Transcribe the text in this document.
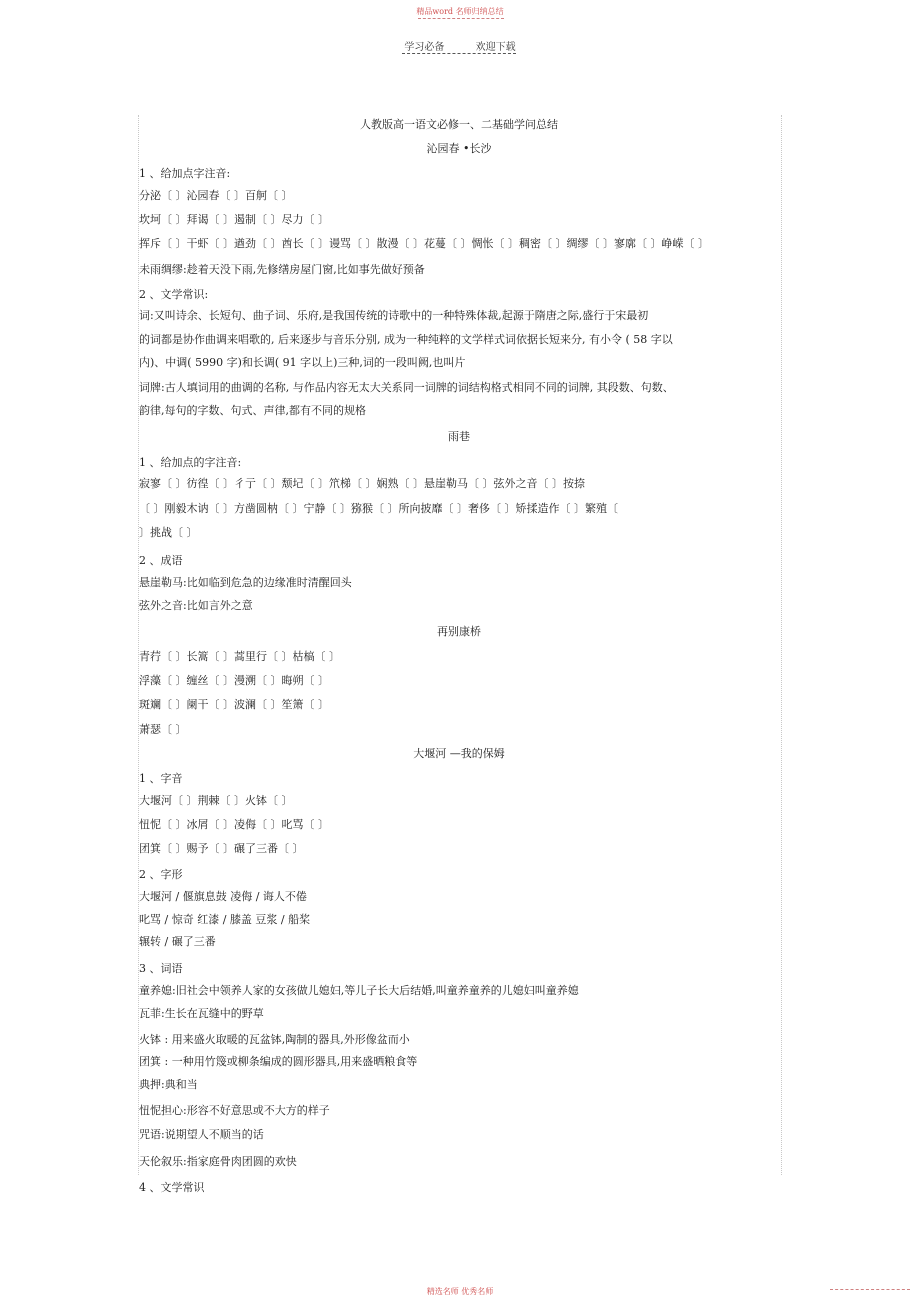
精品word 名师归纳总结
学习必备	欢迎下载
人教版高一语文必修一、二基础学问总结
沁园春 •长沙
1 、给加点字注音:
分泌〔 〕沁园春〔 〕百舸〔 〕
坎坷〔 〕拜谒〔 〕遏制〔 〕尽力〔 〕
挥斥〔 〕干虾〔 〕遒劲〔 〕酋长〔 〕谩骂〔 〕散漫〔 〕花蔓〔 〕惆怅〔 〕稠密〔 〕绸缪〔 〕寥廓〔 〕峥嵘〔 〕
未雨绸缪:趁着天没下雨,先修缮房屋门窗,比如事先做好预备
2 、文学常识:
词:又叫诗余、长短句、曲子词、乐府,是我国传统的诗歌中的一种特殊体裁,起源于隋唐之际,盛行于宋最初
的词都是协作曲调来唱歌的, 后来逐步与音乐分别, 成为一种纯粹的文学样式词依据长短来分, 有小令 ( 58 字以
内)、中调( 5990 字)和长调( 91 字以上)三种,词的一段叫阙,也叫片
词牌:古人填词用的曲调的名称, 与作品内容无太大关系同一词牌的词结构格式相同不同的词牌, 其段数、句数、
韵律,每句的字数、句式、声律,都有不同的规格
雨巷
1 、给加点的字注音:
寂寥〔 〕彷徨〔 〕彳亍〔 〕颓圮〔 〕笊梯〔 〕娴熟〔 〕悬崖勒马〔 〕弦外之音〔 〕按捺
〔 〕刚毅木讷〔 〕方凿圆枘〔 〕宁静〔 〕猕猴〔 〕所向披靡〔 〕奢侈〔 〕矫揉造作〔 〕繁殖〔
〕挑战〔 〕
2 、成语
悬崖勒马:比如临到危急的边缘准时清醒回头
弦外之音:比如言外之意
再别康桥
青荇〔 〕长篙〔 〕蒿里行〔 〕枯槁〔 〕
浮藻〔 〕缠丝〔 〕漫溯〔 〕晦朔〔 〕
斑斓〔 〕阑干〔 〕波澜〔 〕笙箫〔 〕
萧瑟〔 〕
大堰河 —我的保姆
1 、字音
大堰河〔 〕荆棘〔 〕火钵〔 〕
忸怩〔 〕冰屑〔 〕凌侮〔 〕叱骂〔 〕
团箕〔 〕赐予〔 〕碾了三番〔 〕
2 、字形
大堰河 / 偃旗息鼓 凌侮 / 诲人不倦
叱骂 / 惊奇 红漆 / 膝盖 豆浆 / 船桨
辗转 / 碾了三番
3 、词语
童养媳:旧社会中领养人家的女孩做儿媳妇,等儿子长大后结婚,叫童养童养的儿媳妇叫童养媳
瓦菲:生长在瓦缝中的野草
火钵 : 用来盛火取暖的瓦盆钵,陶制的器具,外形像盆而小
团箕 : 一种用竹篾或柳条编成的圆形器具,用来盛晒粮食等
典押:典和当
忸怩担心:形容不好意思或不大方的样子
咒语:说期望人不顺当的话
天伦叙乐:指家庭骨肉团圆的欢快
4 、文学常识
精选名师 优秀名师
